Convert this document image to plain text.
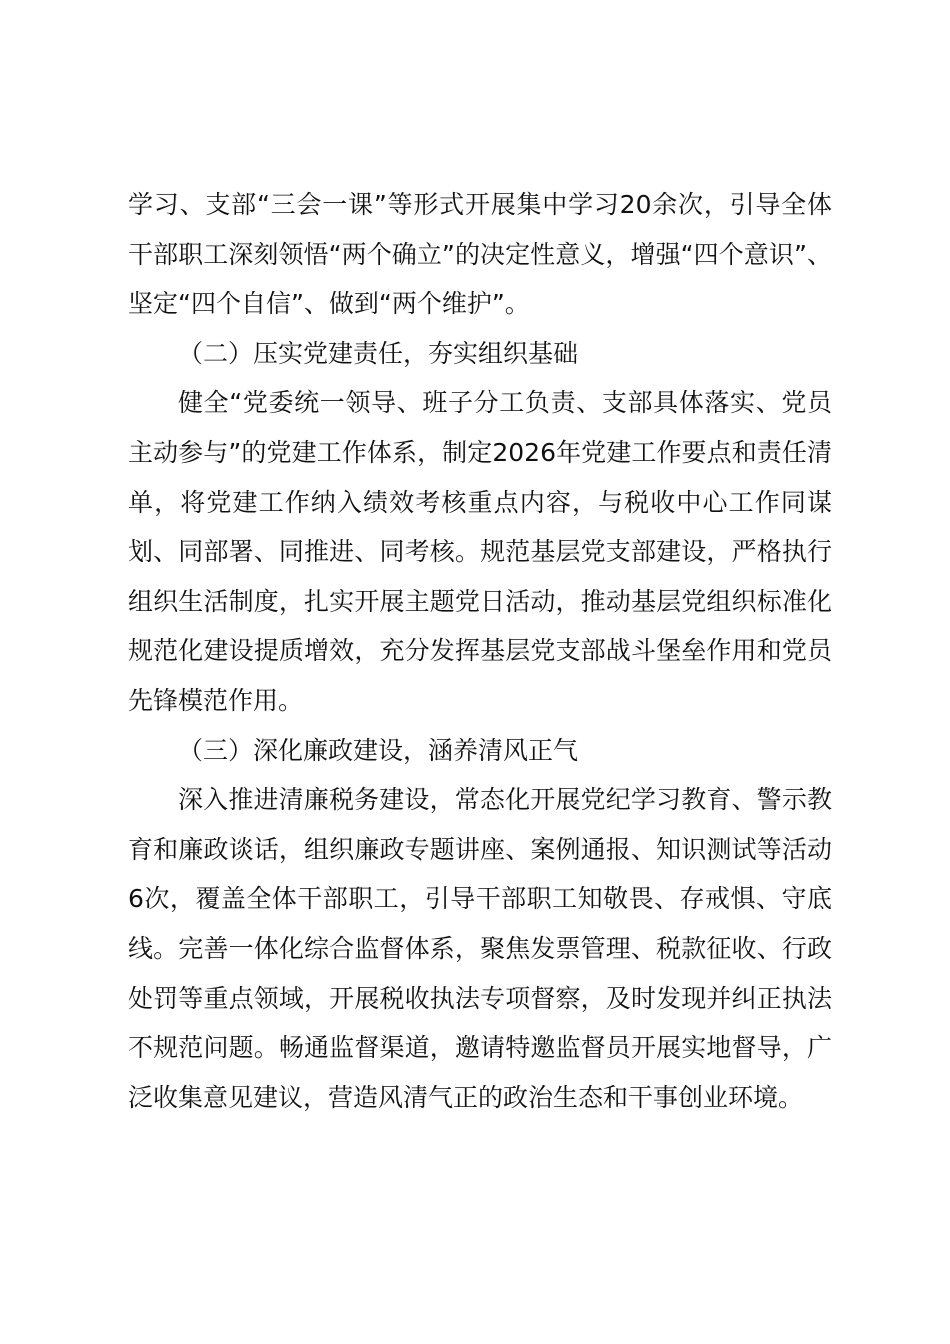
学习、支部“三会一课”等形式开展集中学习20余次，引导全体干部职工深刻领悟“两个确立”的决定性意义，增强“四个意识”、坚定“四个自信”、做到“两个维护”。

（二）压实党建责任，夯实组织基础

健全“党委统一领导、班子分工负责、支部具体落实、党员主动参与”的党建工作体系，制定2026年党建工作要点和责任清单，将党建工作纳入绩效考核重点内容，与税收中心工作同谋划、同部署、同推进、同考核。规范基层党支部建设，严格执行组织生活制度，扎实开展主题党日活动，推动基层党组织标准化规范化建设提质增效，充分发挥基层党支部战斗堡垒作用和党员先锋模范作用。

（三）深化廉政建设，涵养清风正气

深入推进清廉税务建设，常态化开展党纪学习教育、警示教育和廉政谈话，组织廉政专题讲座、案例通报、知识测试等活动6次，覆盖全体干部职工，引导干部职工知敬畏、存戒惧、守底线。完善一体化综合监督体系，聚焦发票管理、税款征收、行政处罚等重点领域，开展税收执法专项督察，及时发现并纠正执法不规范问题。畅通监督渠道，邀请特邀监督员开展实地督导，广泛收集意见建议，营造风清气正的政治生态和干事创业环境。
